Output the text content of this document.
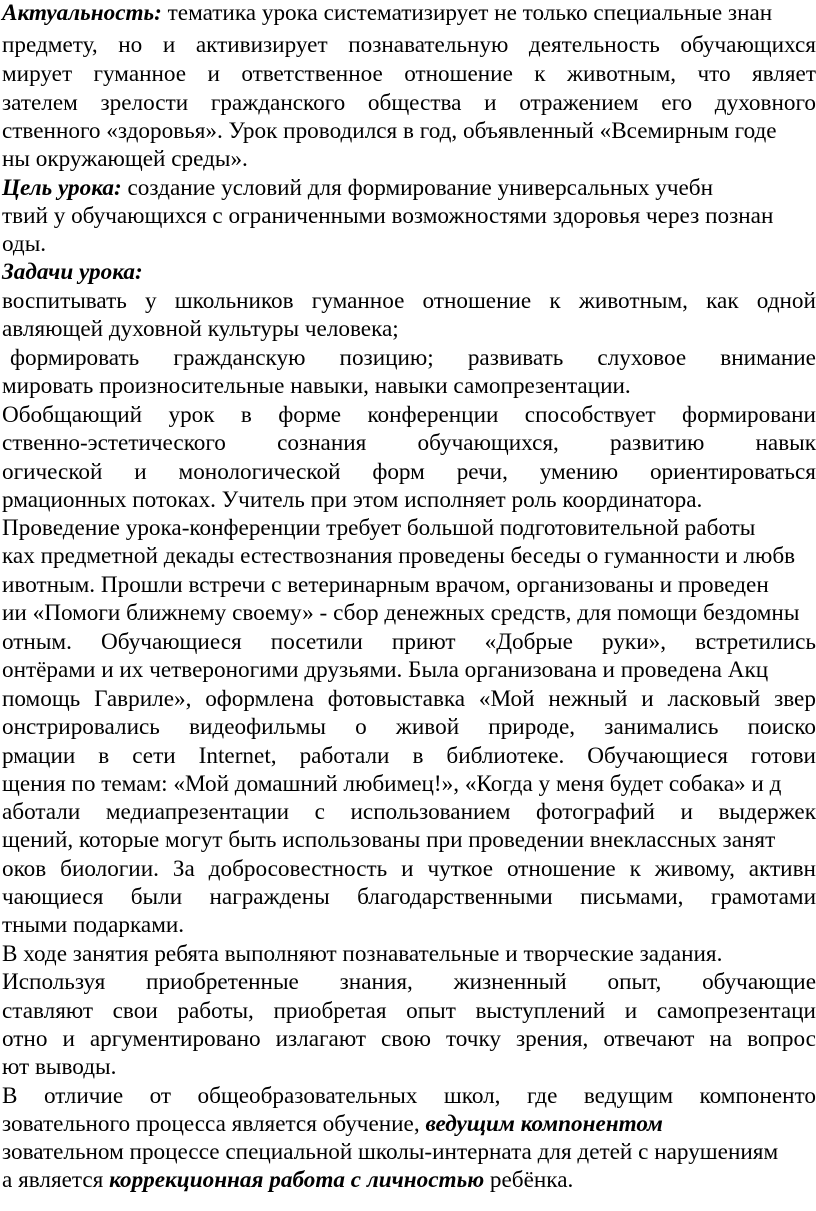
Актуальность: тематика урока систематизирует не только специальные знан
предмету, но и активизирует познавательную деятельность обучающихся
мирует гуманное и ответственное отношение к животным, что являет
зателем зрелости гражданского общества и отражением его духовного
ственного «здоровья». Урок проводился в год, объявленный «Всемирным годе
ны окружающей среды».
Цель урока: создание условий для формирование универсальных учебн
твий у обучающихся с ограниченными возможностями здоровья через познан
оды.
Задачи урока:
воспитывать у школьников гуманное отношение к животным, как одной
авляющей духовной культуры человека;
формировать гражданскую позицию; развивать слуховое внимание
мировать произносительные навыки, навыки самопрезентации.
Обобщающий урок в форме конференции способствует формировани
ственно-эстетического сознания обучающихся, развитию навык
огической и монологической форм речи, умению ориентироваться
рмационных потоках. Учитель при этом исполняет роль координатора.
Проведение урока-конференции требует большой подготовительной работы
ках предметной декады естествознания проведены беседы о гуманности и любв
ивотным. Прошли встречи с ветеринарным врачом, организованы и проведен
ии «Помоги ближнему своему» - сбор денежных средств, для помощи бездомны
отным. Обучающиеся посетили приют «Добрые руки», встретились
онтёрами и их четвероногими друзьями. Была организована и проведена Акц
помощь Гавриле», оформлена фотовыставка «Мой нежный и ласковый звер
онстрировались видеофильмы о живой природе, занимались поиско
рмации в сети Internet, работали в библиотеке. Обучающиеся готови
щения по темам: «Мой домашний любимец!», «Когда у меня будет собака» и д
аботали медиапрезентации с использованием фотографий и выдержек
щений, которые могут быть использованы при проведении внеклассных занят
оков биологии. За добросовестность и чуткое отношение к живому, активн
чающиеся были награждены благодарственными письмами, грамотами
тными подарками.
В ходе занятия ребята выполняют познавательные и творческие задания.
Используя приобретенные знания, жизненный опыт, обучающие
ставляют свои работы, приобретая опыт выступлений и самопрезентаци
отно и аргументировано излагают свою точку зрения, отвечают на вопрос
ют выводы.
В отличие от общеобразовательных школ, где ведущим компоненто
зовательного процесса является обучение, ведущим компонентом
зовательном процессе специальной школы-интерната для детей с нарушениям
а является коррекционная работа с личностью ребёнка.
